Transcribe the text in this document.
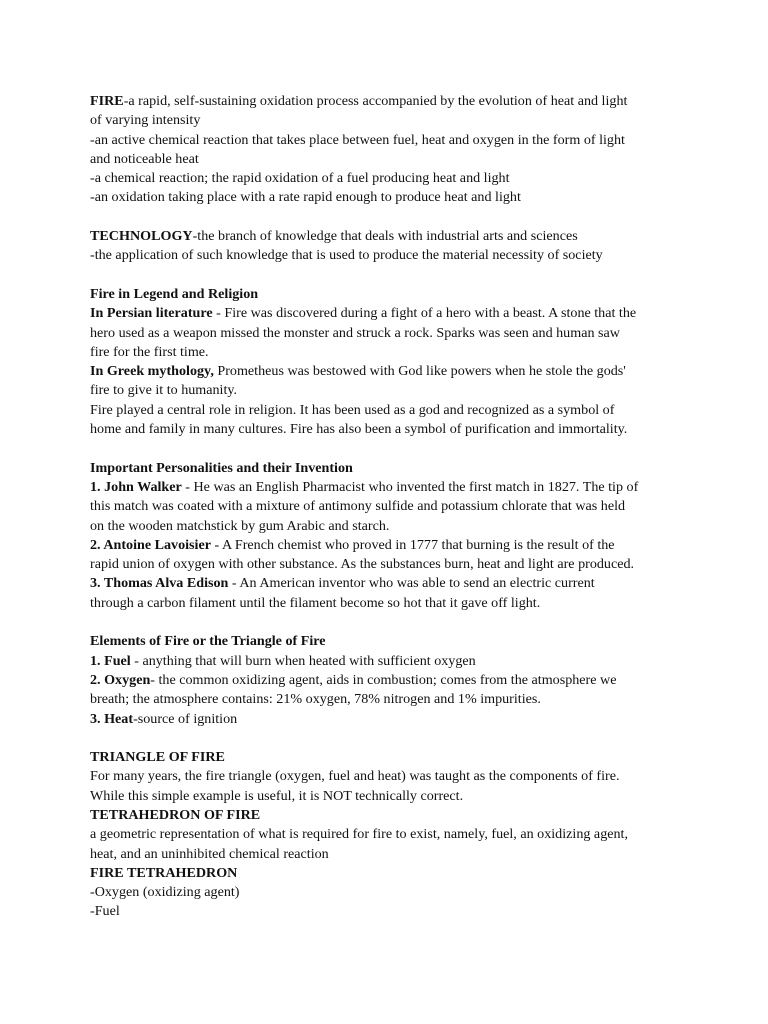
FIRE-a rapid, self-sustaining oxidation process accompanied by the evolution of heat and light
of varying intensity
-an active chemical reaction that takes place between fuel, heat and oxygen in the form of light
and noticeable heat
-a chemical reaction; the rapid oxidation of a fuel producing heat and light
-an oxidation taking place with a rate rapid enough to produce heat and light
TECHNOLOGY-the branch of knowledge that deals with industrial arts and sciences
-the application of such knowledge that is used to produce the material necessity of society
Fire in Legend and Religion
In Persian literature - Fire was discovered during a fight of a hero with a beast. A stone that the
hero used as a weapon missed the monster and struck a rock. Sparks was seen and human saw
fire for the first time.
In Greek mythology, Prometheus was bestowed with God like powers when he stole the gods'
fire to give it to humanity.
Fire played a central role in religion. It has been used as a god and recognized as a symbol of
home and family in many cultures. Fire has also been a symbol of purification and immortality.
Important Personalities and their Invention
1. John Walker - He was an English Pharmacist who invented the first match in 1827. The tip of
this match was coated with a mixture of antimony sulfide and potassium chlorate that was held
on the wooden matchstick by gum Arabic and starch.
2. Antoine Lavoisier - A French chemist who proved in 1777 that burning is the result of the
rapid union of oxygen with other substance. As the substances burn, heat and light are produced.
3. Thomas Alva Edison - An American inventor who was able to send an electric current
through a carbon filament until the filament become so hot that it gave off light.
Elements of Fire or the Triangle of Fire
1. Fuel - anything that will burn when heated with sufficient oxygen
2. Oxygen- the common oxidizing agent, aids in combustion; comes from the atmosphere we
breath; the atmosphere contains: 21% oxygen, 78% nitrogen and 1% impurities.
3. Heat-source of ignition
TRIANGLE OF FIRE
For many years, the fire triangle (oxygen, fuel and heat) was taught as the components of fire.
While this simple example is useful, it is NOT technically correct.
TETRAHEDRON OF FIRE
a geometric representation of what is required for fire to exist, namely, fuel, an oxidizing agent,
heat, and an uninhibited chemical reaction
FIRE TETRAHEDRON
-Oxygen (oxidizing agent)
-Fuel
